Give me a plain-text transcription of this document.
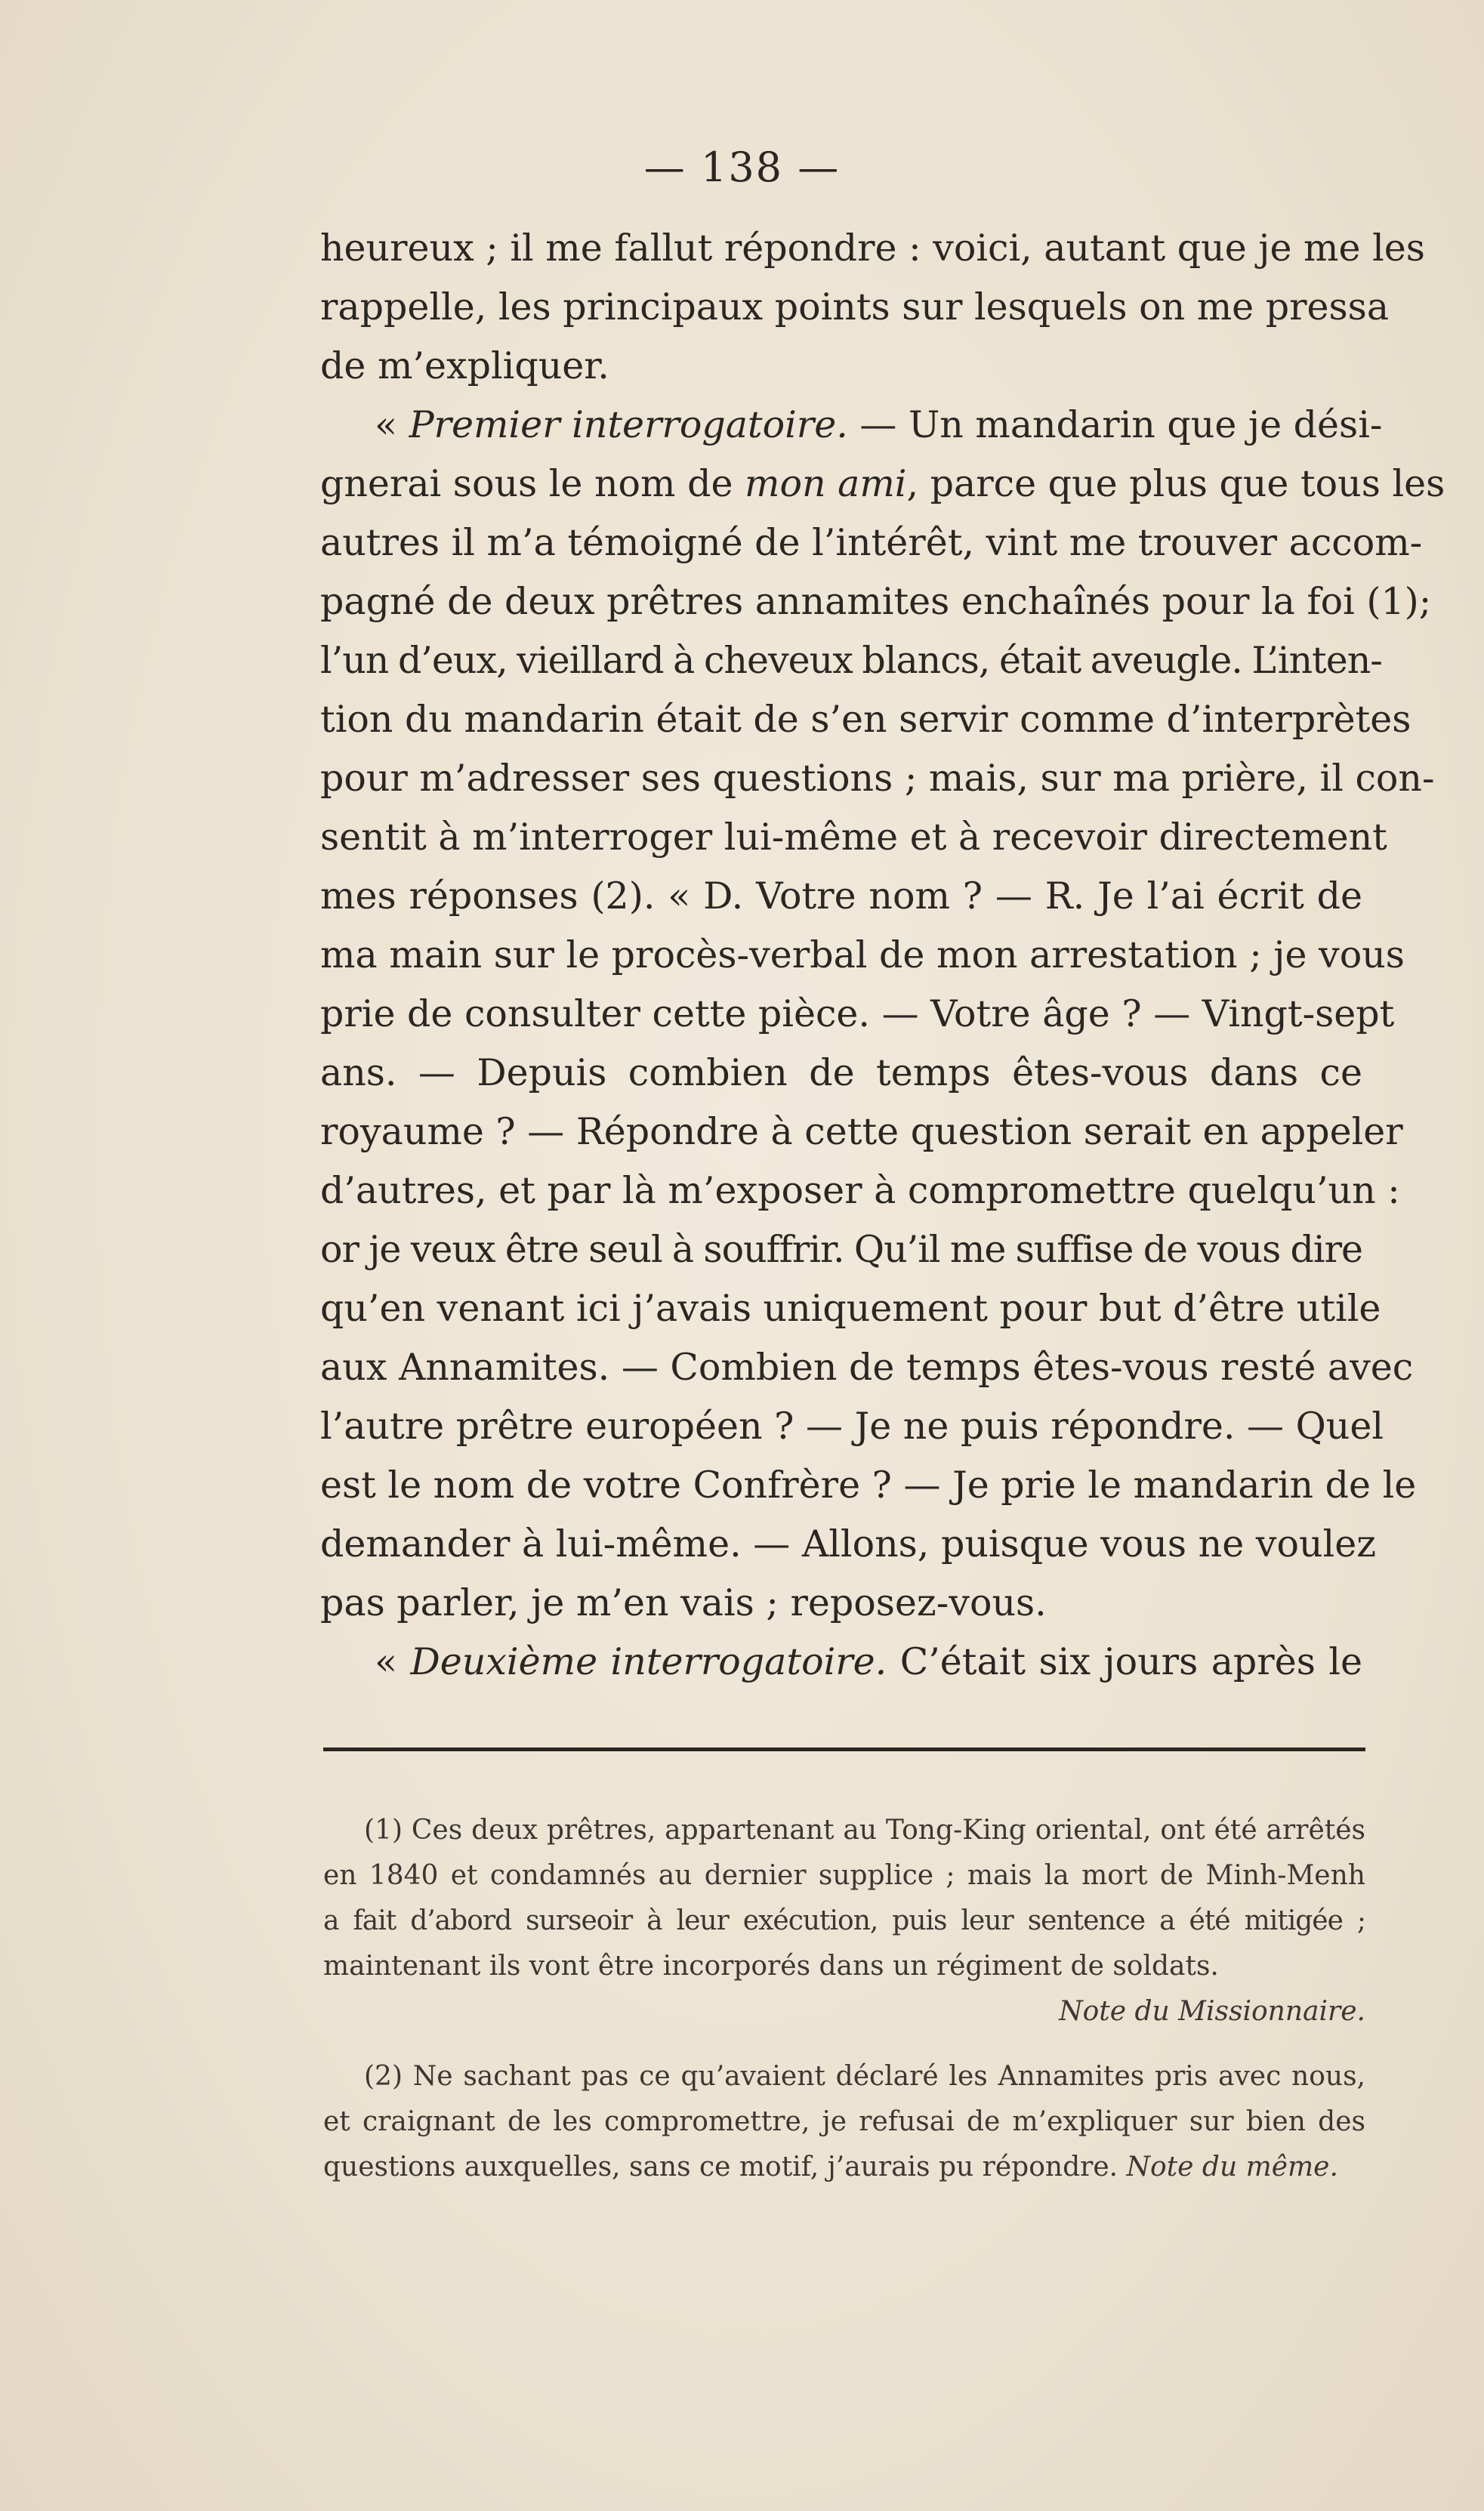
— 138 —
heureux ; il me fallut répondre : voici, autant que je me les
rappelle, les principaux points sur lesquels on me pressa
de m’expliquer.
« Premier interrogatoire. — Un mandarin que je dési-
gnerai sous le nom de mon ami, parce que plus que tous les
autres il m’a témoigné de l’intérêt, vint me trouver accom-
pagné de deux prêtres annamites enchaînés pour la foi (1);
l’un d’eux, vieillard à cheveux blancs, était aveugle. L’inten-
tion du mandarin était de s’en servir comme d’interprètes
pour m’adresser ses questions ; mais, sur ma prière, il con-
sentit à m’interroger lui-même et à recevoir directement
mes réponses (2). « D. Votre nom ? — R. Je l’ai écrit de
ma main sur le procès-verbal de mon arrestation ; je vous
prie de consulter cette pièce. — Votre âge ? — Vingt-sept
ans. — Depuis combien de temps êtes-vous dans ce
royaume ? — Répondre à cette question serait en appeler
d’autres, et par là m’exposer à compromettre quelqu’un :
or je veux être seul à souffrir. Qu’il me suffise de vous dire
qu’en venant ici j’avais uniquement pour but d’être utile
aux Annamites. — Combien de temps êtes-vous resté avec
l’autre prêtre européen ? — Je ne puis répondre. — Quel
est le nom de votre Confrère ? — Je prie le mandarin de le
demander à lui-même. — Allons, puisque vous ne voulez
pas parler, je m’en vais ; reposez-vous.
« Deuxième interrogatoire. C’était six jours après le
(1) Ces deux prêtres, appartenant au Tong-King oriental, ont été arrêtés
en 1840 et condamnés au dernier supplice ; mais la mort de Minh-Menh
a fait d’abord surseoir à leur exécution, puis leur sentence a été mitigée ;
maintenant ils vont être incorporés dans un régiment de soldats.
Note du Missionnaire.
(2) Ne sachant pas ce qu’avaient déclaré les Annamites pris avec nous,
et craignant de les compromettre, je refusai de m’expliquer sur bien des
questions auxquelles, sans ce motif, j’aurais pu répondre. Note du même.
